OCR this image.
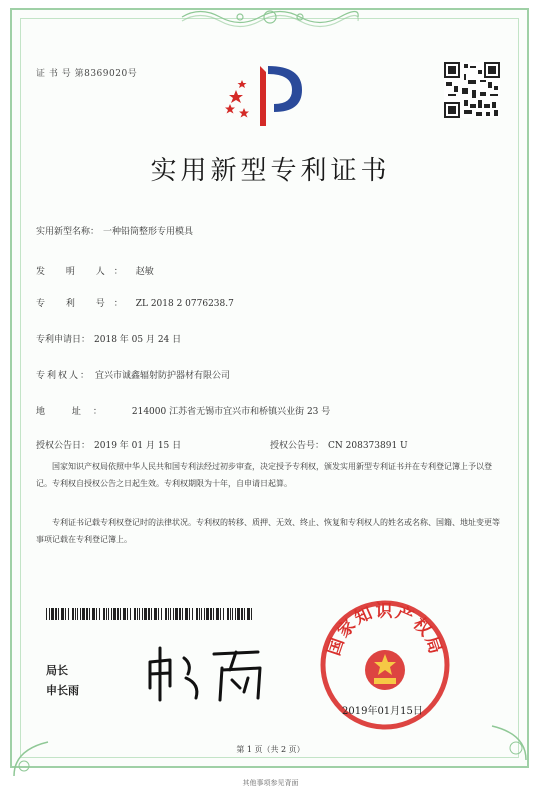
证 书 号 第8369020号
实用新型专利证书
实用新型名称： 一种铅筒整形专用模具
发 明 人： 赵敏
专 利 号： ZL 2018 2 0776238.7
专利申请日： 2018 年 05 月 24 日
专利权人： 宜兴市诚鑫辐射防护器材有限公司
地 址： 214000 江苏省无锡市宜兴市和桥镇兴业街 23 号
授权公告日： 2019 年 01 月 15 日	授权公告号： CN 208373891 U
国家知识产权局依照中华人民共和国专利法经过初步审查，决定授予专利权，颁发实用新型专利证书并在专利登记簿上予以登记。专利权自授权公告之日起生效。专利权期限为十年，自申请日起算。
专利证书记载专利权登记时的法律状况。专利权的转移、质押、无效、终止、恢复和专利权人的姓名或名称、国籍、地址变更等事项记载在专利登记簿上。
局长
申长雨
国家知识产权局
2019年01月15日
第 1 页（共 2 页）
其他事项参见背面
